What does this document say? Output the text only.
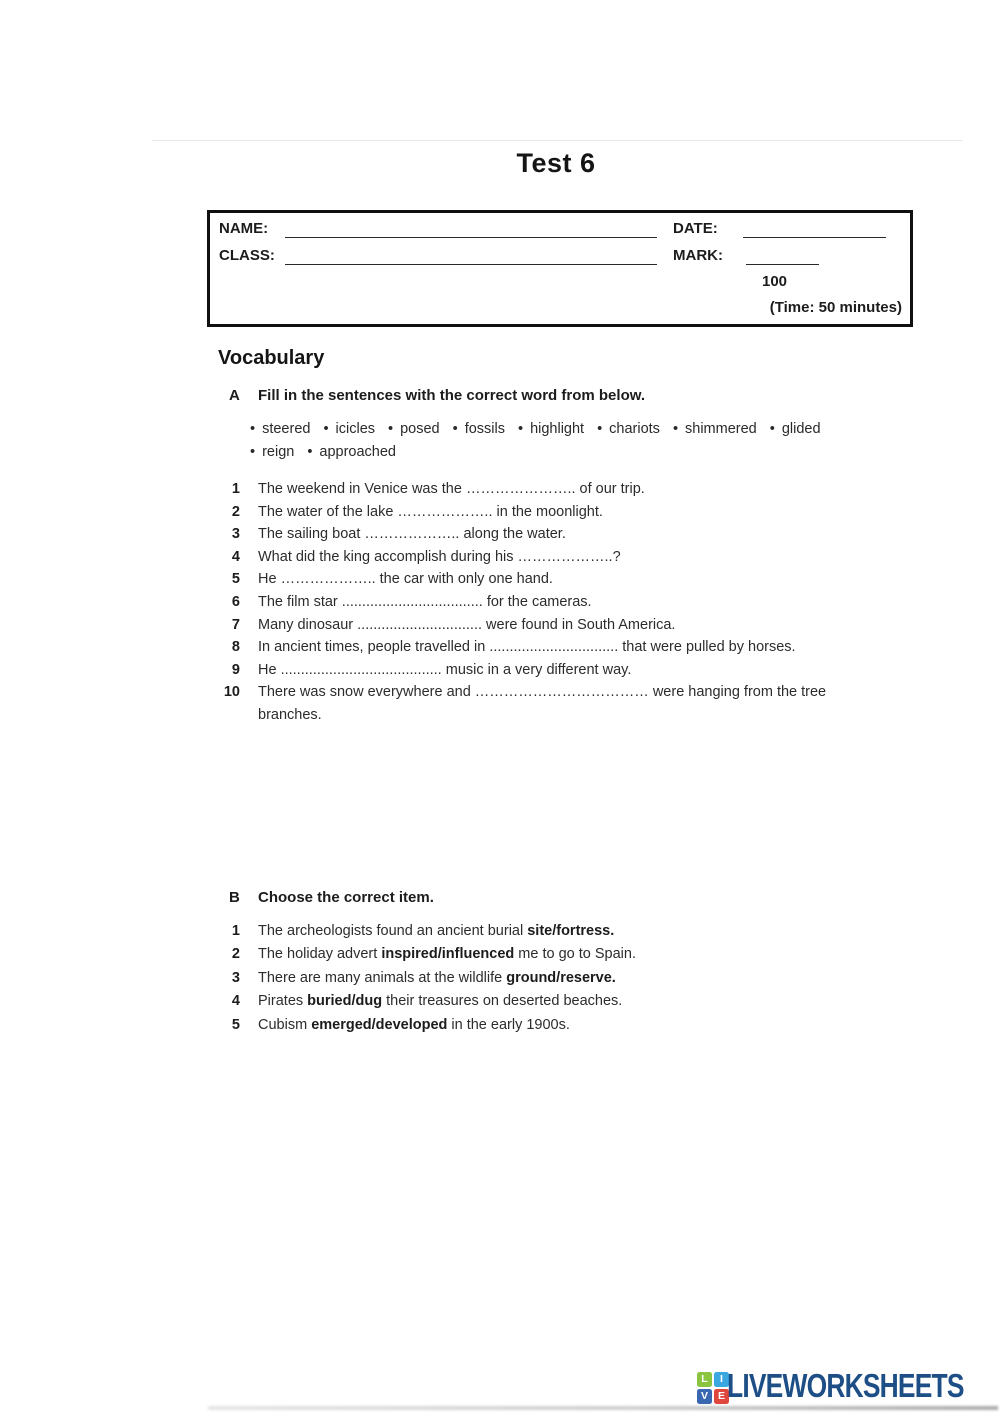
Test 6
NAME:	DATE:
CLASS:	MARK:
100
(Time: 50 minutes)
Vocabulary
A Fill in the sentences with the correct word from below.
• steered • icicles • posed • fossils • highlight • chariots • shimmered • glided
• reign • approached
1 The weekend in Venice was the ………………….. of our trip.
2 The water of the lake ……………….. in the moonlight.
3 The sailing boat ……………….. along the water.
4 What did the king accomplish during his ………………..?
5 He ……………….. the car with only one hand.
6 The film star ................................... for the cameras.
7 Many dinosaur ............................... were found in South America.
8 In ancient times, people travelled in ................................ that were pulled by horses.
9 He ........................................ music in a very different way.
10 There was snow everywhere and ……………………………… were hanging from the tree branches.
B Choose the correct item.
1 The archeologists found an ancient burial site/fortress.
2 The holiday advert inspired/influenced me to go to Spain.
3 There are many animals at the wildlife ground/reserve.
4 Pirates buried/dug their treasures on deserted beaches.
5 Cubism emerged/developed in the early 1900s.
L	I
V E LIVEWORKSHEETS
